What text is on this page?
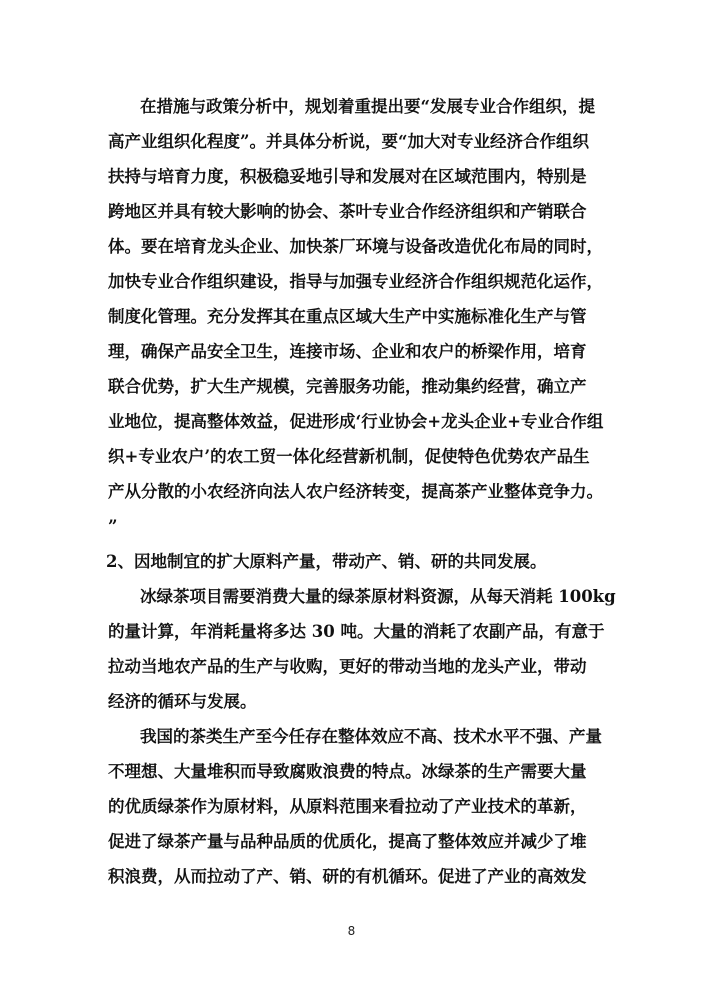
在措施与政策分析中，规划着重提出要“发展专业合作组织，提
高产业组织化程度”。并具体分析说，要“加大对专业经济合作组织
扶持与培育力度，积极稳妥地引导和发展对在区域范围内，特别是
跨地区并具有较大影响的协会、茶叶专业合作经济组织和产销联合
体。要在培育龙头企业、加快茶厂环境与设备改造优化布局的同时，
加快专业合作组织建设，指导与加强专业经济合作组织规范化运作，
制度化管理。充分发挥其在重点区域大生产中实施标准化生产与管
理，确保产品安全卫生，连接市场、企业和农户的桥梁作用，培育
联合优势，扩大生产规模，完善服务功能，推动集约经营，确立产
业地位，提高整体效益，促进形成‘行业协会+龙头企业+专业合作组
织+专业农户’的农工贸一体化经营新机制，促使特色优势农产品生
产从分散的小农经济向法人农户经济转变，提高茶产业整体竞争力。
”
2、因地制宜的扩大原料产量，带动产、销、研的共同发展。
冰绿茶项目需要消费大量的绿茶原材料资源，从每天消耗 100kg
的量计算，年消耗量将多达 30 吨。大量的消耗了农副产品，有意于
拉动当地农产品的生产与收购，更好的带动当地的龙头产业，带动
经济的循环与发展。
我国的茶类生产至今任存在整体效应不高、技术水平不强、产量
不理想、大量堆积而导致腐败浪费的特点。冰绿茶的生产需要大量
的优质绿茶作为原材料，从原料范围来看拉动了产业技术的革新，
促进了绿茶产量与品种品质的优质化，提高了整体效应并减少了堆
积浪费，从而拉动了产、销、研的有机循环。促进了产业的高效发
8
